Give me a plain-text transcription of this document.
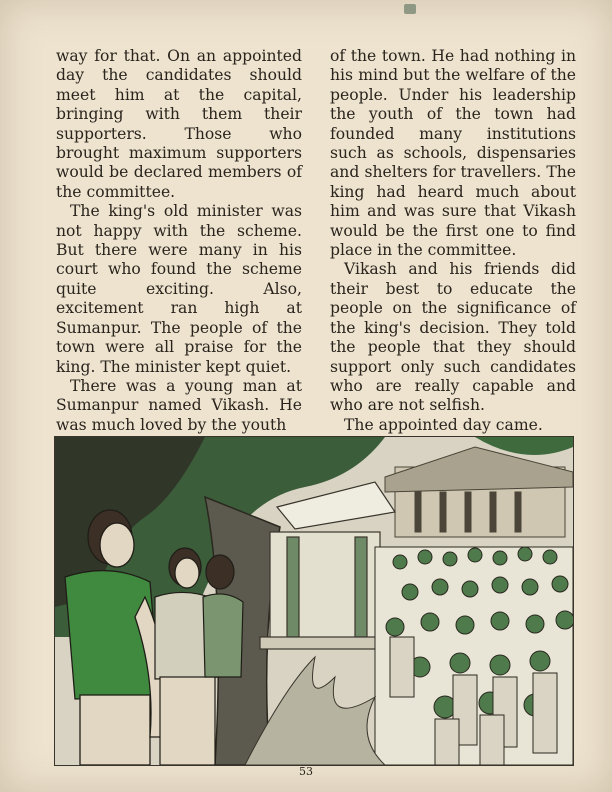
way for that. On an appointed day the candidates should meet him at the capital, bringing with them their supporters. Those who brought maximum supporters would be declared members of the committee.

The king's old minister was not happy with the scheme. But there were many in his court who found the scheme quite exciting. Also, excitement ran high at Sumanpur. The people of the town were all praise for the king. The minister kept quiet.

There was a young man at Sumanpur named Vikash. He was much loved by the youth

of the town. He had nothing in his mind but the welfare of the people. Under his leadership the youth of the town had founded many institutions such as schools, dispensaries and shelters for travellers. The king had heard much about him and was sure that Vikash would be the first one to find place in the committee.

Vikash and his friends did their best to educate the people on the significance of the king's decision. They told the people that they should support only such candidates who are really capable and who are not selfish.

The appointed day came.

53
